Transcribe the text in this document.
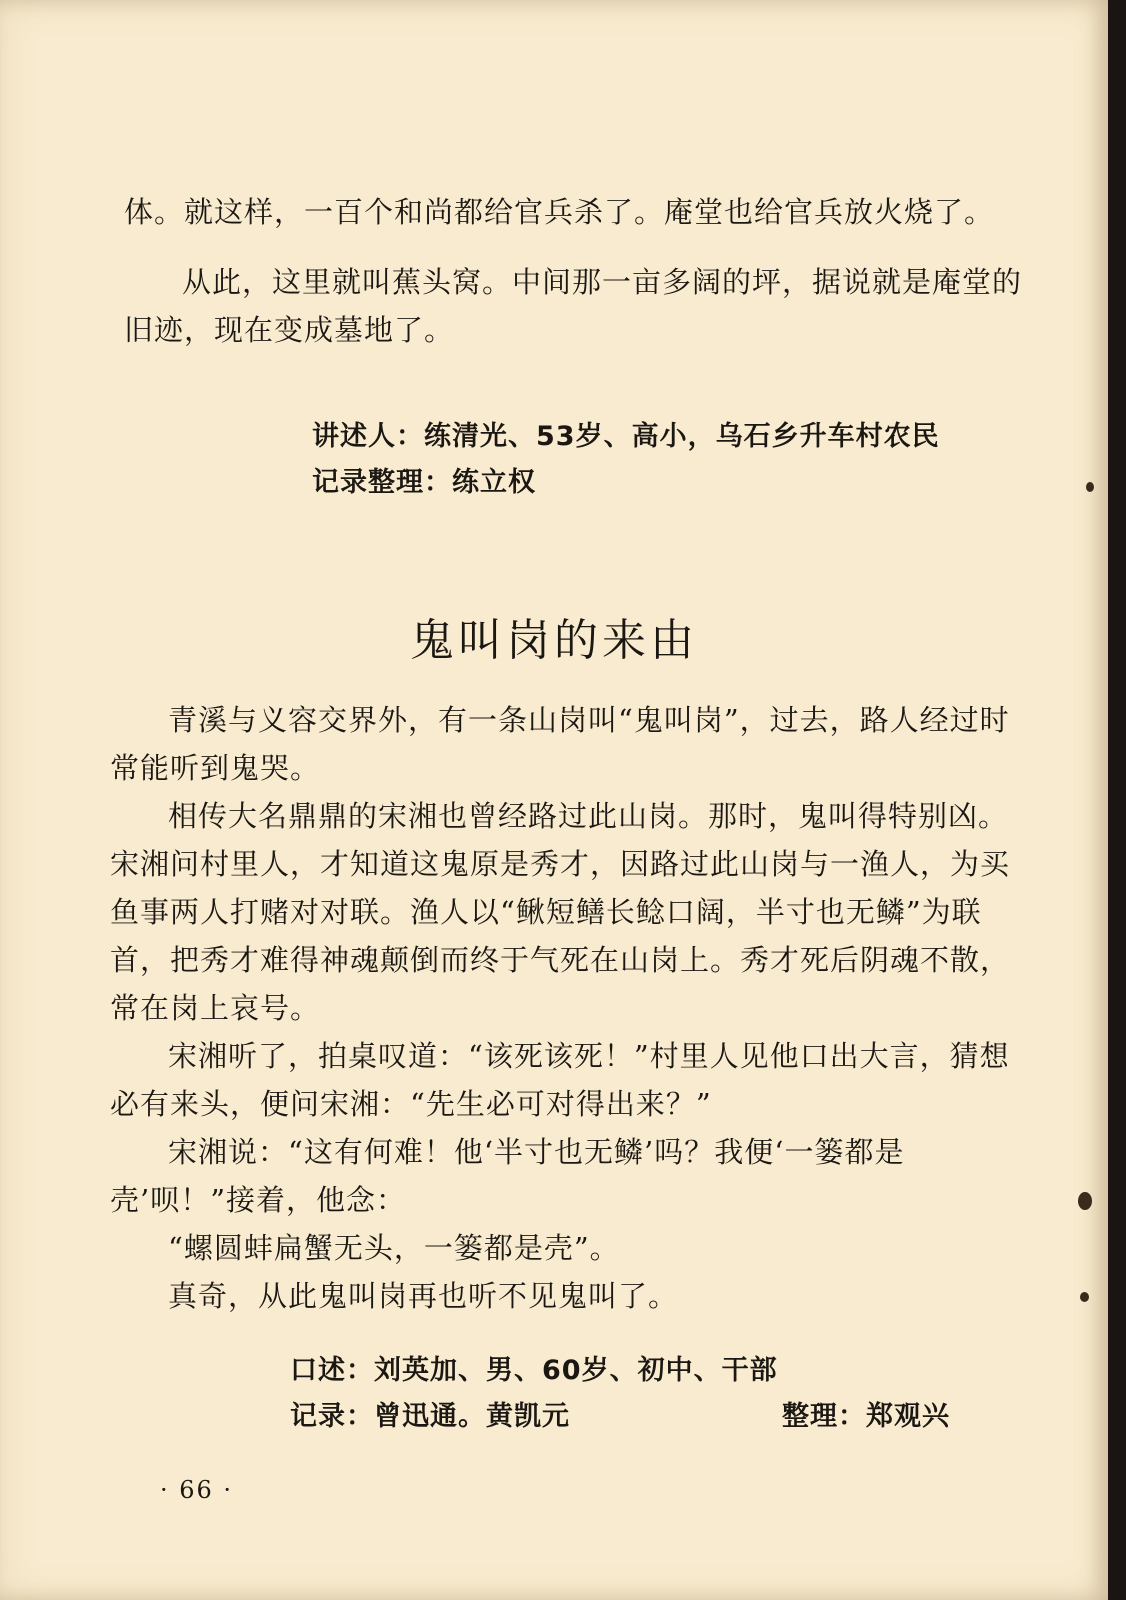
体。就这样，一百个和尚都给官兵杀了。庵堂也给官兵放火烧了。

从此，这里就叫蕉头窝。中间那一亩多阔的坪，据说就是庵堂的旧迹，现在变成墓地了。

讲述人：练清光、53岁、高小，乌石乡升车村农民

记录整理：练立权

鬼叫岗的来由

青溪与义容交界外，有一条山岗叫“鬼叫岗”，过去，路人经过时常能听到鬼哭。

相传大名鼎鼎的宋湘也曾经路过此山岗。那时，鬼叫得特别凶。宋湘问村里人，才知道这鬼原是秀才，因路过此山岗与一渔人，为买鱼事两人打赌对对联。渔人以“鳅短鳝长鲶口阔，半寸也无鳞”为联首，把秀才难得神魂颠倒而终于气死在山岗上。秀才死后阴魂不散，常在岗上哀号。

宋湘听了，拍桌叹道：“该死该死！”村里人见他口出大言，猜想必有来头，便问宋湘：“先生必可对得出来？”

宋湘说：“这有何难！他‘半寸也无鳞’吗？我便‘一篓都是壳’呗！”接着，他念：

“螺圆蚌扁蟹无头，一篓都是壳”。

真奇，从此鬼叫岗再也听不见鬼叫了。

口述：刘英加、男、60岁、初中、干部

记录：曾迅通。黄凯元	整理：郑观兴

· 66 ·
